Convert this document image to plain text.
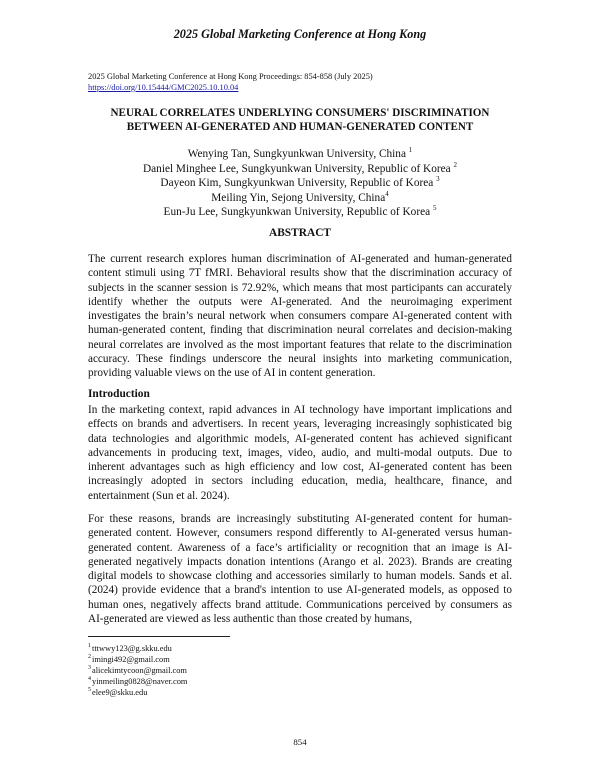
2025 Global Marketing Conference at Hong Kong
2025 Global Marketing Conference at Hong Kong Proceedings: 854-858 (July 2025)
https://doi.org/10.15444/GMC2025.10.10.04
NEURAL CORRELATES UNDERLYING CONSUMERS' DISCRIMINATION
BETWEEN AI-GENERATED AND HUMAN-GENERATED CONTENT
Wenying Tan, Sungkyunkwan University, China $^1$
Daniel Minghee Lee, Sungkyunkwan University, Republic of Korea $^2$
Dayeon Kim, Sungkyunkwan University, Republic of Korea $^3$
Meiling Yin, Sejong University, China$^4$
Eun-Ju Lee, Sungkyunkwan University, Republic of Korea $^5$
ABSTRACT
The current research explores human discrimination of AI-generated and human-generated content stimuli using 7T fMRI. Behavioral results show that the discrimination accuracy of subjects in the scanner session is 72.92%, which means that most participants can accurately identify whether the outputs were AI-generated. And the neuroimaging experiment investigates the brain’s neural network when consumers compare AI-generated content with human-generated content, finding that discrimination neural correlates and decision-making neural correlates are involved as the most important features that relate to the discrimination accuracy. These findings underscore the neural insights into marketing communication, providing valuable views on the use of AI in content generation.
Introduction
In the marketing context, rapid advances in AI technology have important implications and effects on brands and advertisers. In recent years, leveraging increasingly sophisticated big data technologies and algorithmic models, AI-generated content has achieved significant advancements in producing text, images, video, audio, and multi-modal outputs. Due to inherent advantages such as high efficiency and low cost, AI-generated content has been increasingly adopted in sectors including education, media, healthcare, finance, and entertainment (Sun et al. 2024).
For these reasons, brands are increasingly substituting AI-generated content for human-generated content. However, consumers respond differently to AI-generated versus human-generated content. Awareness of a face’s artificiality or recognition that an image is AI-generated negatively impacts donation intentions (Arango et al. 2023). Brands are creating digital models to showcase clothing and accessories similarly to human models. Sands et al. (2024) provide evidence that a brand's intention to use AI-generated models, as opposed to human ones, negatively affects brand attitude. Communications perceived by consumers as AI-generated are viewed as less authentic than those created by humans,
$^1$tttwwy123@g.skku.edu
$^2$imingi492@gmail.com
$^3$alicekimtycoon@gmail.com
$^4$yinmeiling0828@naver.com
$^5$elee9@skku.edu
854
